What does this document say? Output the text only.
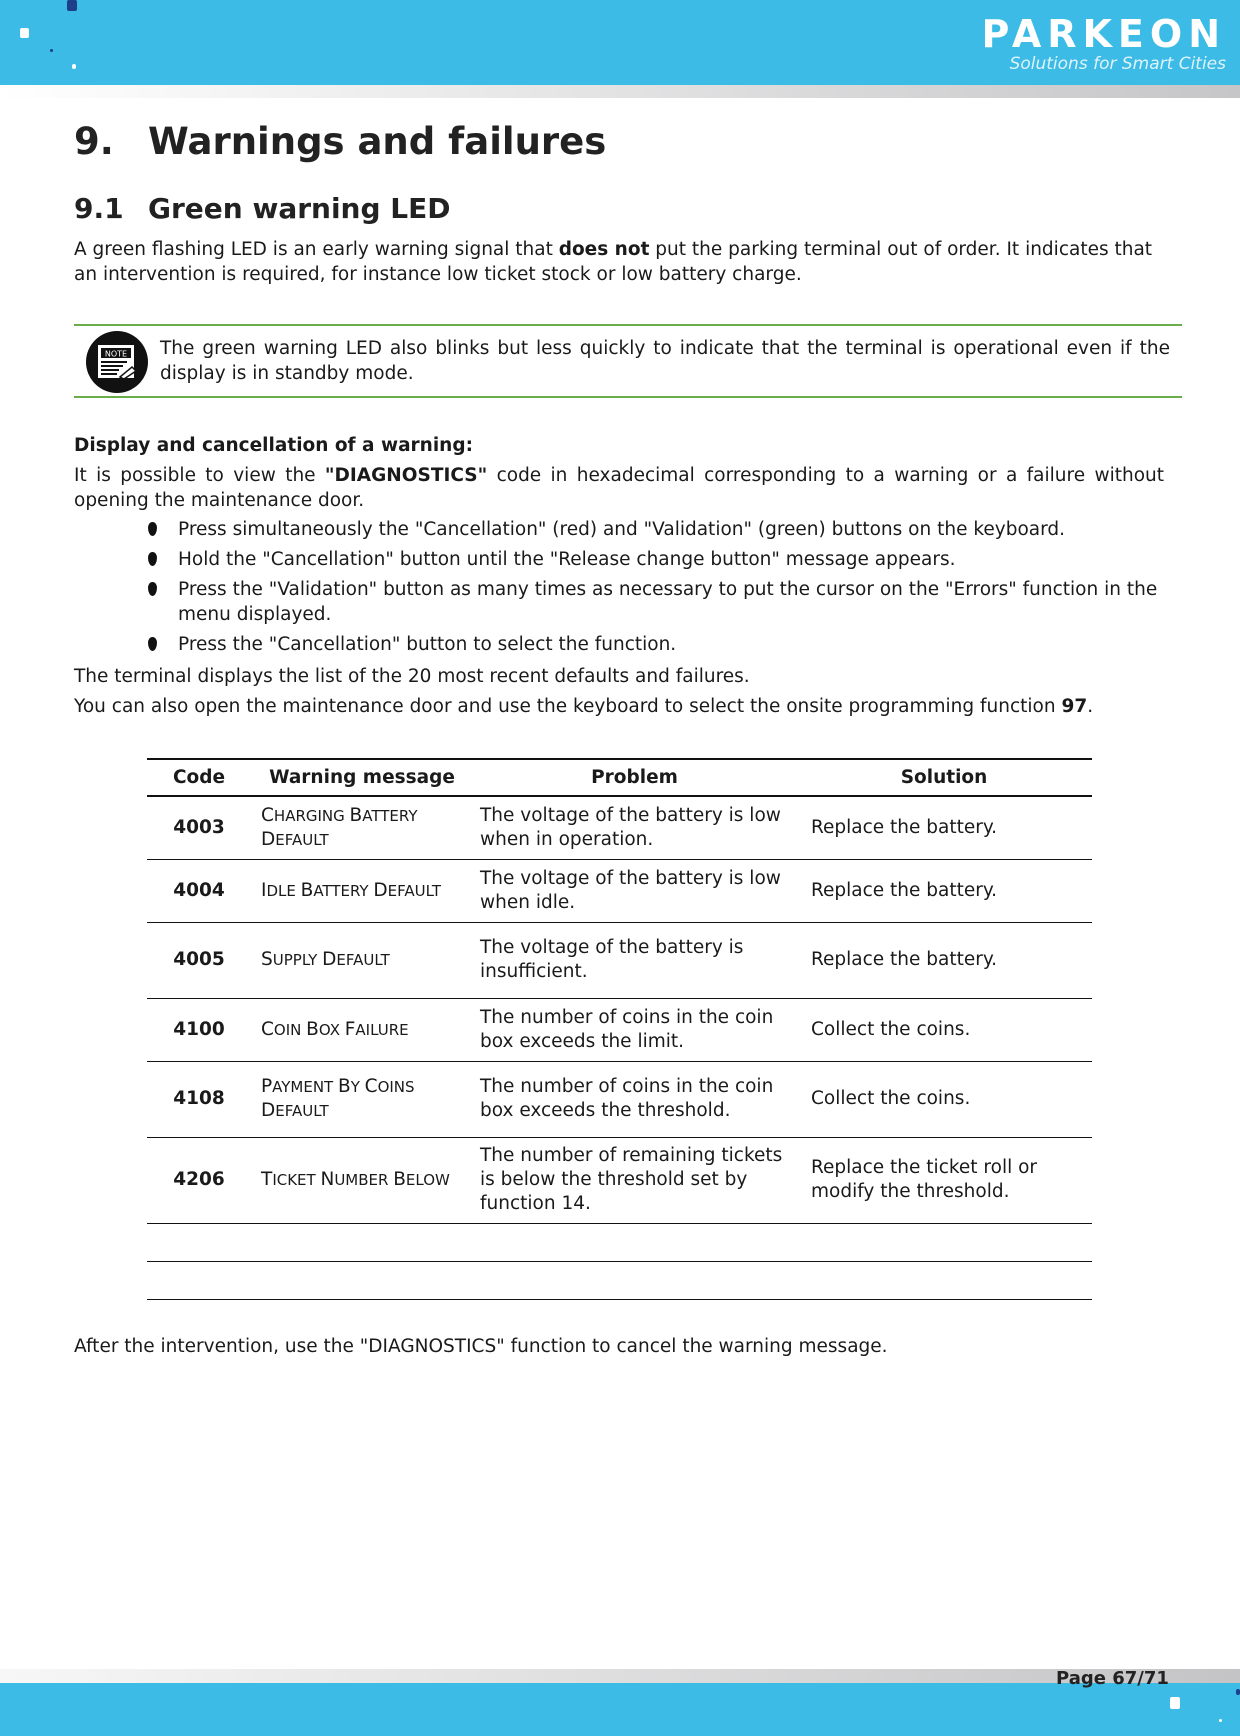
PARKEON
Solutions for Smart Cities
9. Warnings and failures
9.1 Green warning LED

A green flashing LED is an early warning signal that does not put the parking terminal out of order. It indicates that an intervention is required, for instance low ticket stock or low battery charge.

NOTE The green warning LED also blinks but less quickly to indicate that the terminal is operational even if the display is in standby mode.

Display and cancellation of a warning:

It is possible to view the "DIAGNOSTICS" code in hexadecimal corresponding to a warning or a failure without opening the maintenance door.

Press simultaneously the "Cancellation" (red) and "Validation" (green) buttons on the keyboard.
Hold the "Cancellation" button until the "Release change button" message appears.
Press the "Validation" button as many times as necessary to put the cursor on the "Errors" function in the menu displayed.
Press the "Cancellation" button to select the function.

The terminal displays the list of the 20 most recent defaults and failures.

You can also open the maintenance door and use the keyboard to select the onsite programming function 97.

Code	Warning message	Problem	Solution
4003	CHARGING BATTERY DEFAULT	The voltage of the battery is low when in operation.	Replace the battery.
4004	IDLE BATTERY DEFAULT	The voltage of the battery is low when idle.	Replace the battery.
4005	SUPPLY DEFAULT	The voltage of the battery is insufficient.	Replace the battery.
4100	COIN BOX FAILURE	The number of coins in the coin box exceeds the limit.	Collect the coins.
4108	PAYMENT BY COINS DEFAULT	The number of coins in the coin box exceeds the threshold.	Collect the coins.
4206	TICKET NUMBER BELOW	The number of remaining tickets is below the threshold set by function 14.	Replace the ticket roll or modify the threshold.

After the intervention, use the "DIAGNOSTICS" function to cancel the warning message.

Page 67/71
